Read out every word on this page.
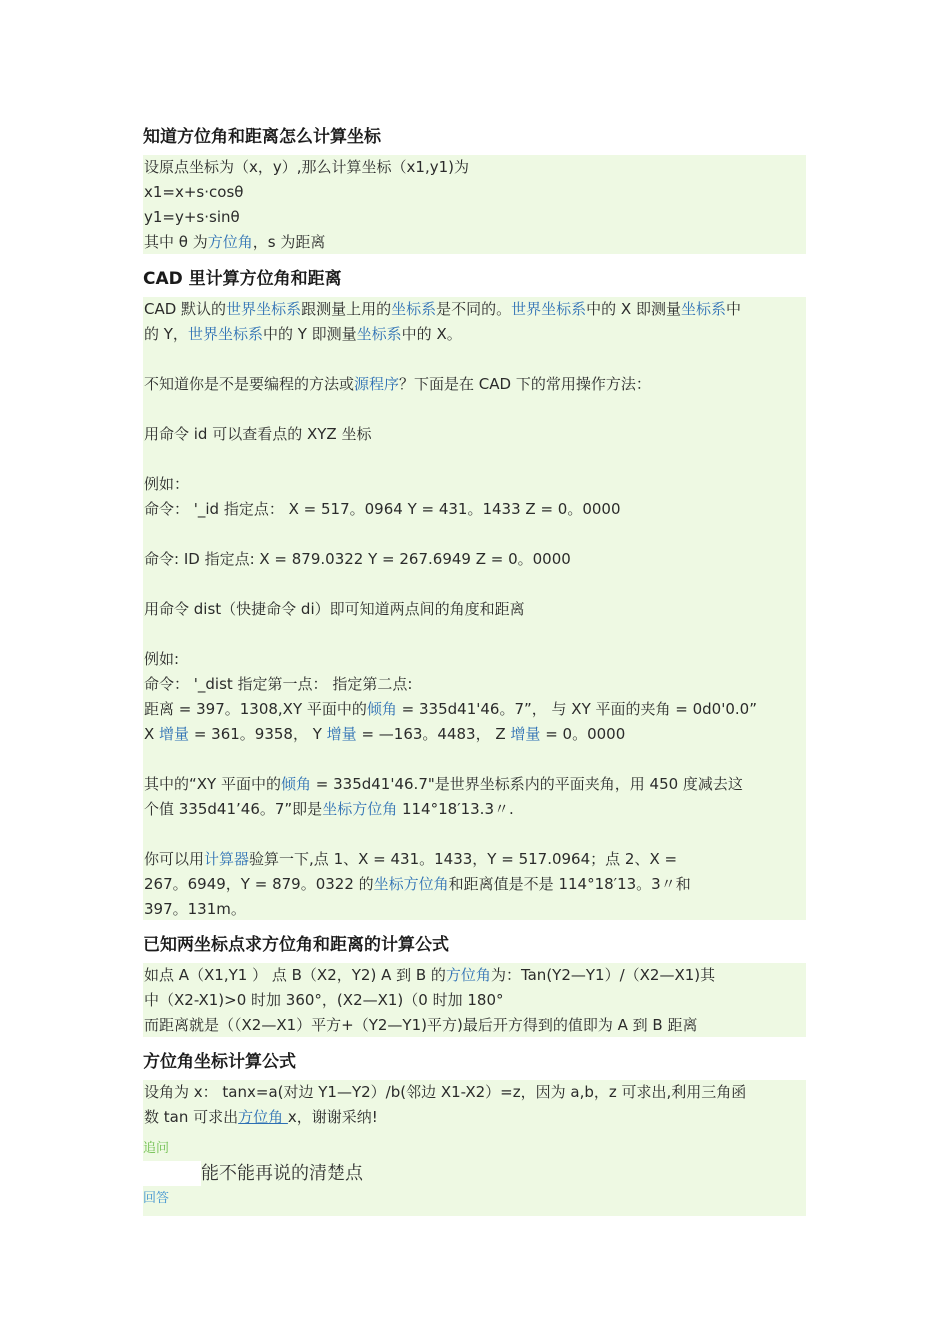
知道方位角和距离怎么计算坐标
设原点坐标为（x，y）,那么计算坐标（x1,y1)为
x1=x+s·cosθ
y1=y+s·sinθ
其中 θ 为方位角，s 为距离
CAD 里计算方位角和距离
CAD 默认的世界坐标系跟测量上用的坐标系是不同的。世界坐标系中的 X 即测量坐标系中
的 Y，世界坐标系中的 Y 即测量坐标系中的 X。
不知道你是不是要编程的方法或源程序？下面是在 CAD 下的常用操作方法：
用命令 id 可以查看点的 XYZ 坐标
例如：
命令： '_id 指定点： X = 517。0964 Y = 431。1433 Z = 0。0000
命令: ID 指定点: X = 879.0322 Y = 267.6949 Z = 0。0000
用命令 dist（快捷命令 di）即可知道两点间的角度和距离
例如:
命令： '_dist 指定第一点： 指定第二点:
距离 = 397。1308,XY 平面中的倾角 = 335d41'46。7”， 与 XY 平面的夹角 = 0d0'0.0”
X 增量 = 361。9358， Y 增量 = —163。4483， Z 增量 = 0。0000
其中的“XY 平面中的倾角 = 335d41'46.7"是世界坐标系内的平面夹角，用 450 度减去这
个值 335d41’46。7”即是坐标方位角 114°18′13.3〃.
你可以用计算器验算一下,点 1、X = 431。1433，Y = 517.0964；点 2、X =
267。6949，Y = 879。0322 的坐标方位角和距离值是不是 114°18′13。3〃和
397。131m。
已知两坐标点求方位角和距离的计算公式
如点 A（X1,Y1 ） 点 B（X2，Y2) A 到 B 的方位角为：Tan(Y2—Y1）/（X2—X1)其
中（X2-X1)>0 时加 360°，(X2—X1)（0 时加 180°
而距离就是（（X2—X1）平方+（Y2—Y1)平方)最后开方得到的值即为 A 到 B 距离
方位角坐标计算公式
设角为 x： tanx=a(对边 Y1—Y2）/b(邻边 X1-X2）=z，因为 a,b，z 可求出,利用三角函
数 tan 可求出方位角 x，谢谢采纳!
追问
能不能再说的清楚点
回答
